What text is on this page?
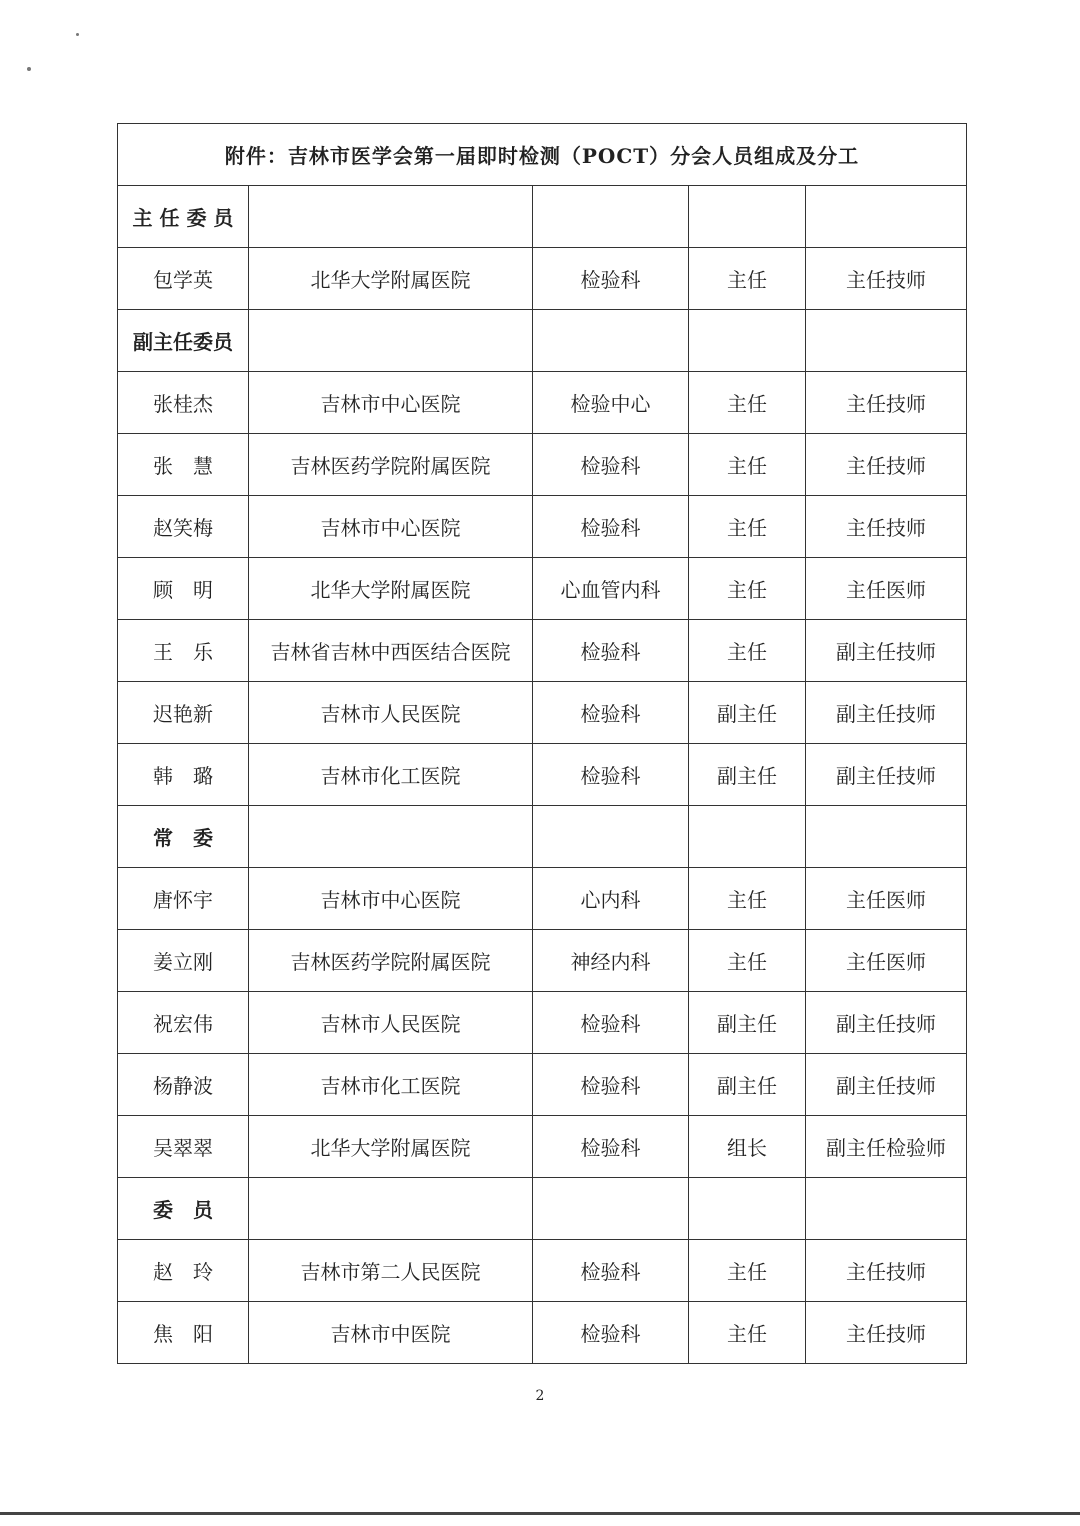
附件：吉林市医学会第一届即时检测（POCT）分会人员组成及分工				
主 任 委 员				
包学英	北华大学附属医院	检验科	主任	主任技师
副主任委员				
张桂杰	吉林市中心医院	检验中心	主任	主任技师
张　慧	吉林医药学院附属医院	检验科	主任	主任技师
赵笑梅	吉林市中心医院	检验科	主任	主任技师
顾　明	北华大学附属医院	心血管内科	主任	主任医师
王　乐	吉林省吉林中西医结合医院	检验科	主任	副主任技师
迟艳新	吉林市人民医院	检验科	副主任	副主任技师
韩　璐	吉林市化工医院	检验科	副主任	副主任技师
常　委				
唐怀宇	吉林市中心医院	心内科	主任	主任医师
姜立刚	吉林医药学院附属医院	神经内科	主任	主任医师
祝宏伟	吉林市人民医院	检验科	副主任	副主任技师
杨静波	吉林市化工医院	检验科	副主任	副主任技师
吴翠翠	北华大学附属医院	检验科	组长	副主任检验师
委　员				
赵　玲	吉林市第二人民医院	检验科	主任	主任技师
焦　阳	吉林市中医院	检验科	主任	主任技师
2
